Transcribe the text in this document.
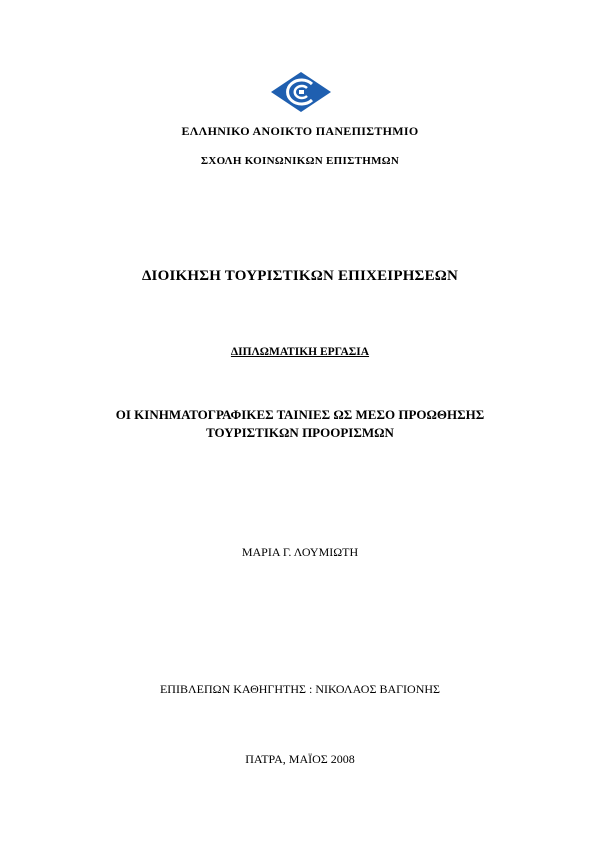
ΕΛΛΗΝΙΚΟ ΑΝΟΙΚΤΟ ΠΑΝΕΠΙΣΤΗΜΙΟ
ΣΧΟΛΗ ΚΟΙΝΩΝΙΚΩΝ ΕΠΙΣΤΗΜΩΝ
ΔΙΟΙΚΗΣΗ ΤΟΥΡΙΣΤΙΚΩΝ ΕΠΙΧΕΙΡΗΣΕΩΝ
ΔΙΠΛΩΜΑΤΙΚΗ ΕΡΓΑΣΙΑ
ΟΙ ΚΙΝΗΜΑΤΟΓΡΑΦΙΚΕΣ ΤΑΙΝΙΕΣ ΩΣ ΜΕΣΟ ΠΡΟΩΘΗΣΗΣ
ΤΟΥΡΙΣΤΙΚΩΝ ΠΡΟΟΡΙΣΜΩΝ
ΜΑΡΙΑ Γ. ΛΟΥΜΙΩΤΗ
ΕΠΙΒΛΕΠΩΝ ΚΑΘΗΓΗΤΗΣ : ΝΙΚΟΛΑΟΣ ΒΑΓΙΟΝΗΣ
ΠΑΤΡΑ, ΜΑΪΟΣ 2008
